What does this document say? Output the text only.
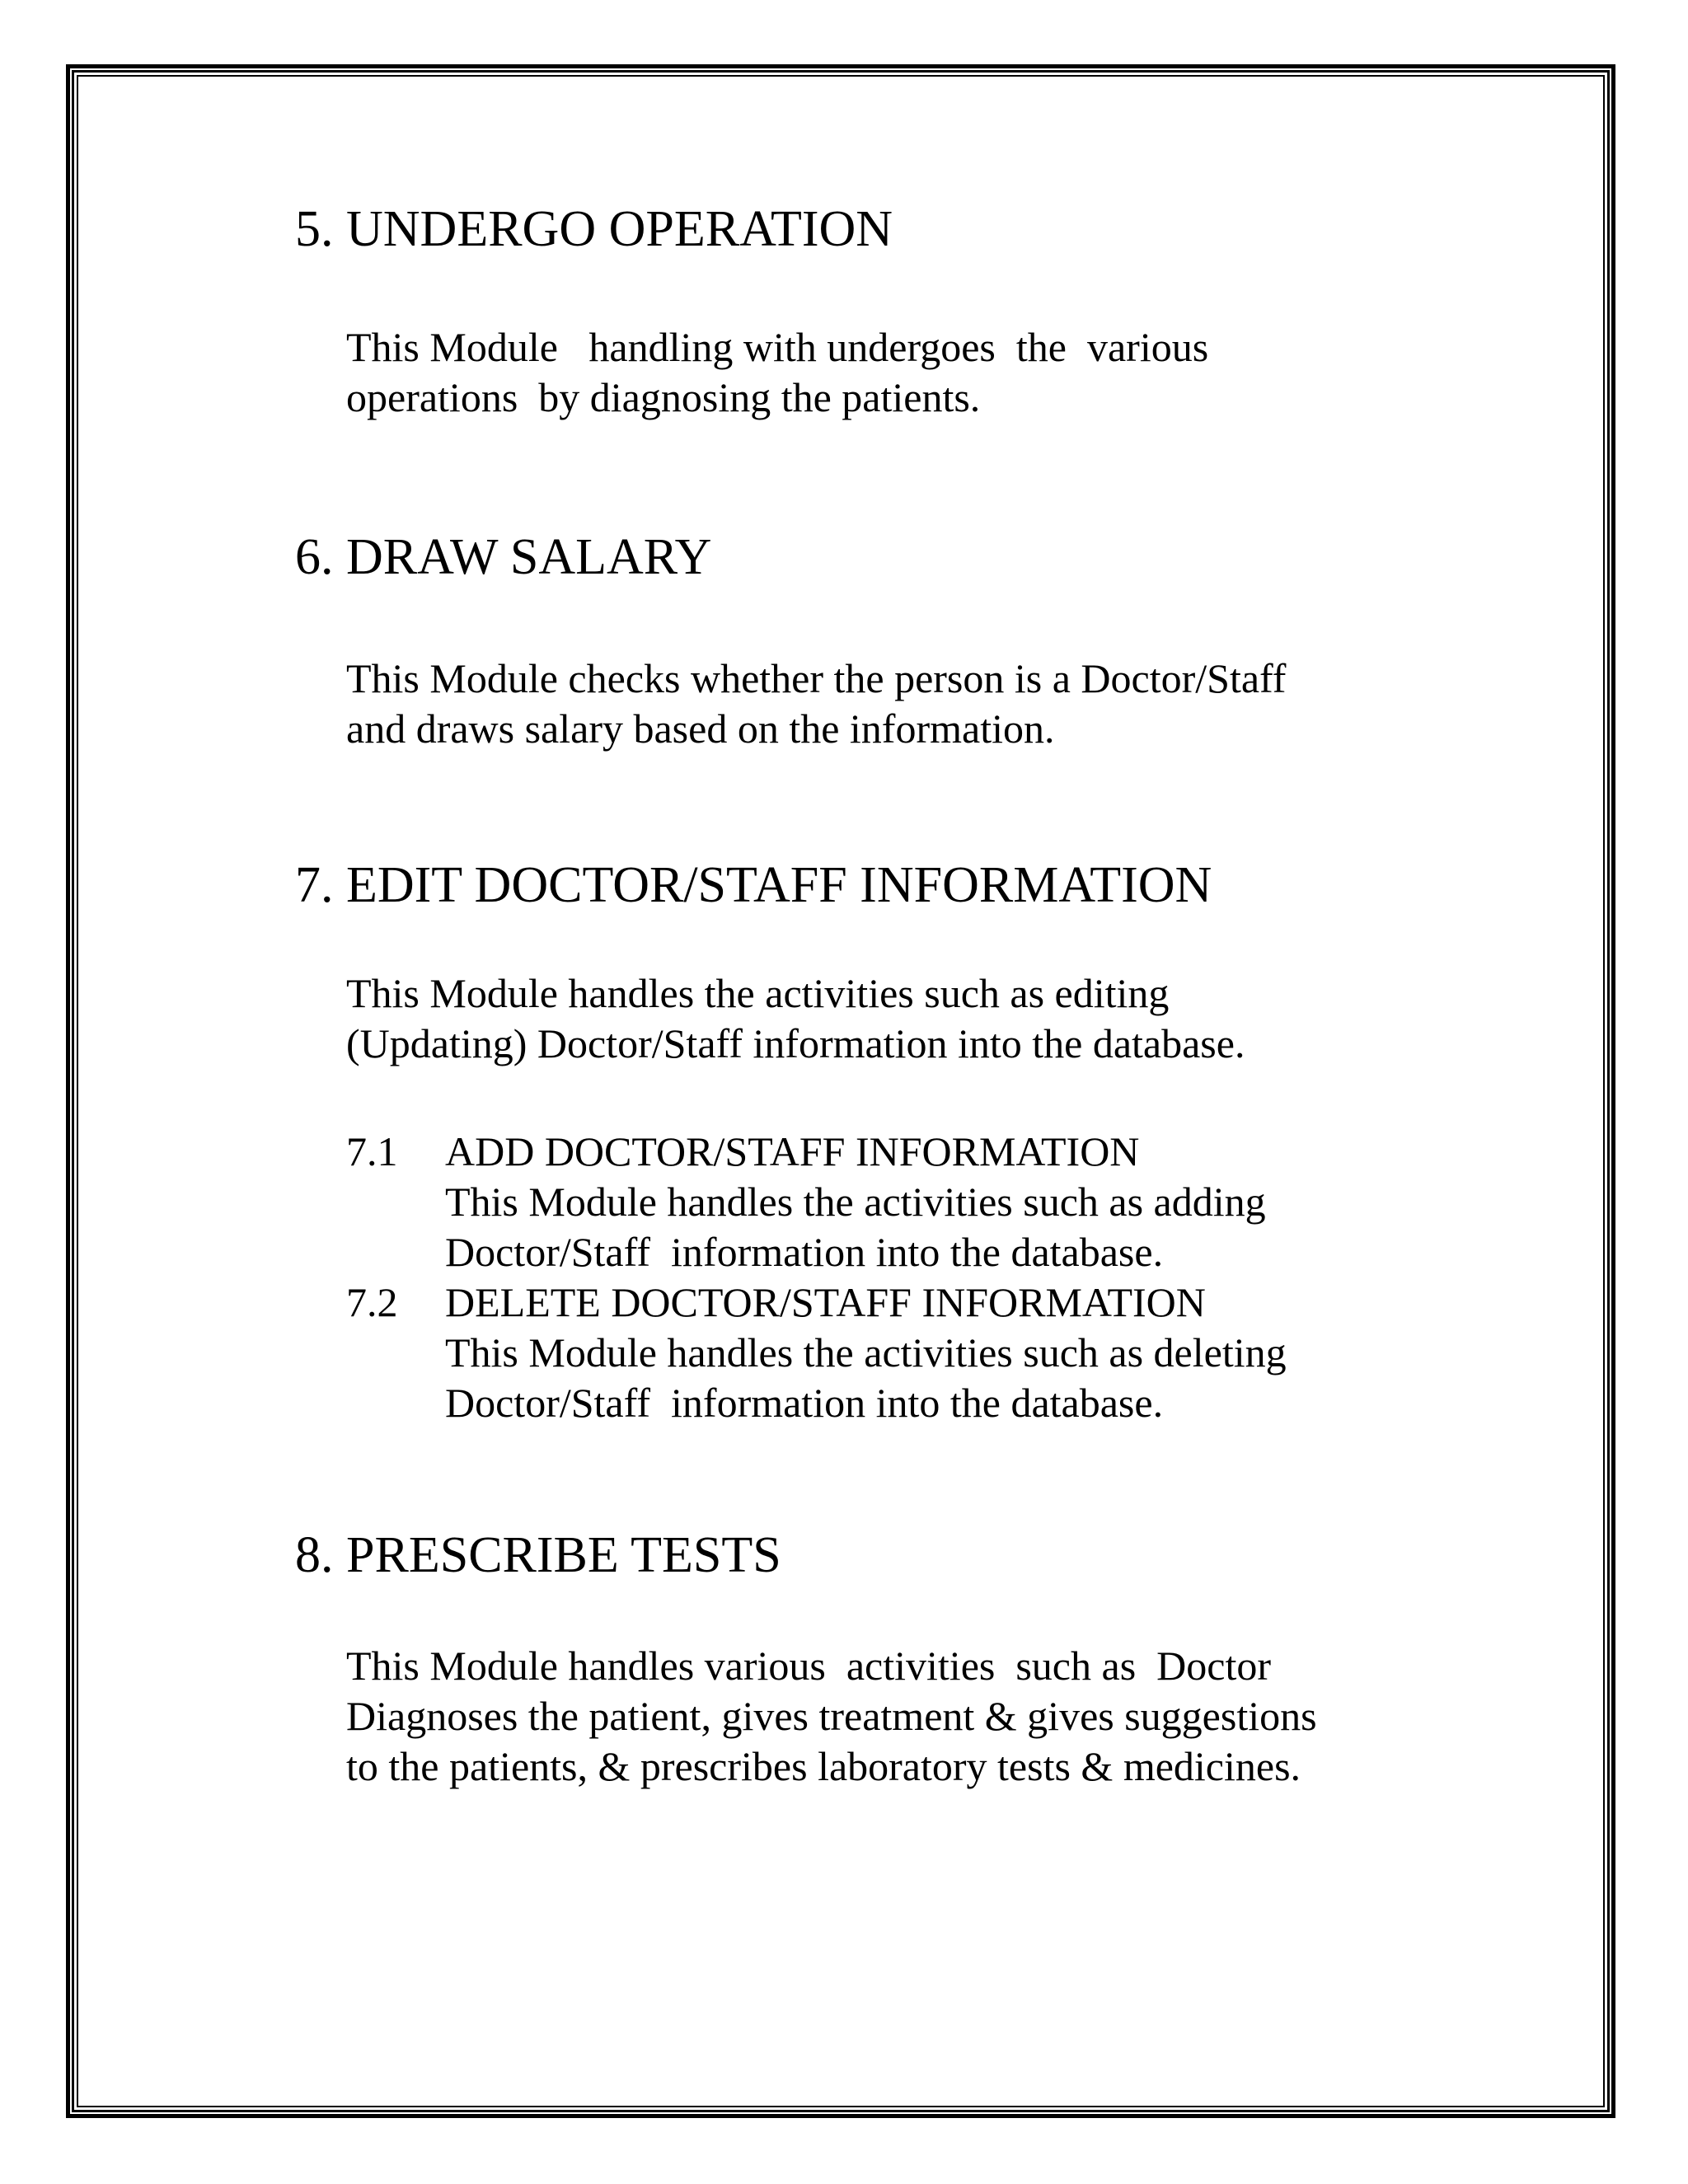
5. UNDERGO OPERATION
This Module   handling with undergoes  the  various
operations  by diagnosing the patients.
6. DRAW SALARY
This Module checks whether the person is a Doctor/Staff
and draws salary based on the information.
7. EDIT DOCTOR/STAFF INFORMATION
This Module handles the activities such as editing
(Updating) Doctor/Staff information into the database.
7.1 ADD DOCTOR/STAFF INFORMATION
This Module handles the activities such as adding
Doctor/Staff  information into the database.
7.2 DELETE DOCTOR/STAFF INFORMATION
This Module handles the activities such as deleting
Doctor/Staff  information into the database.
8. PRESCRIBE TESTS
This Module handles various  activities  such as  Doctor
Diagnoses the patient, gives treatment & gives suggestions
to the patients, & prescribes laboratory tests & medicines.
